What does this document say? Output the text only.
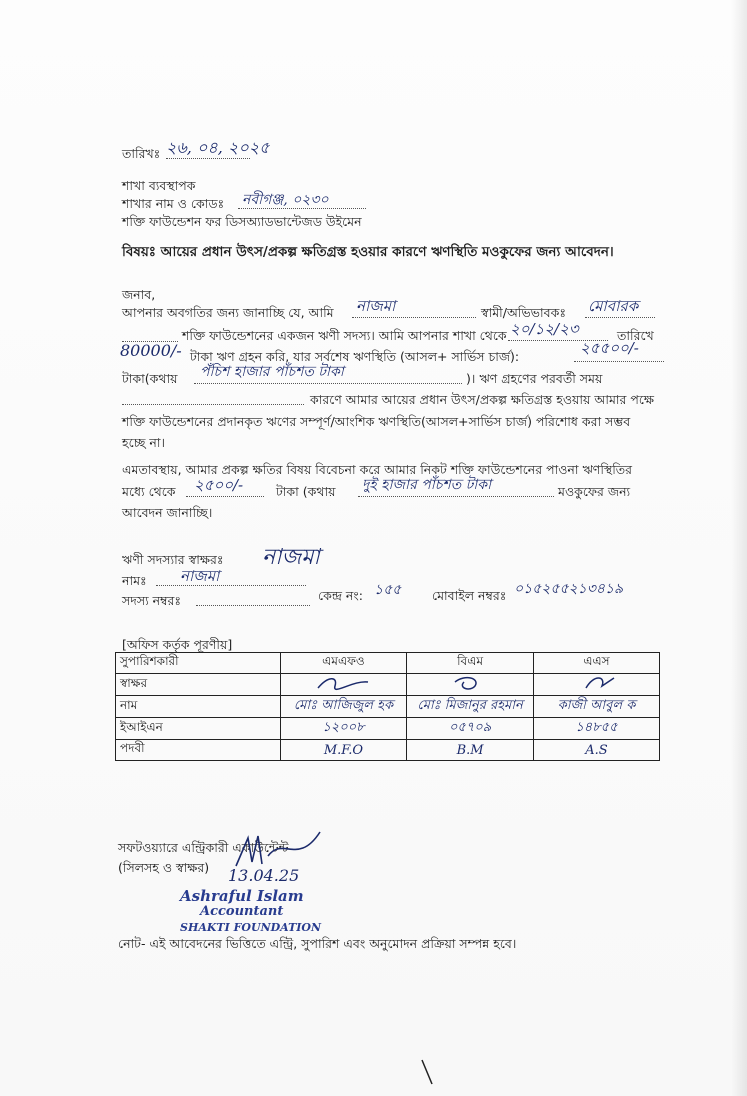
তারিখঃ ২৬, ০৪, ২০২৫
শাখা ব্যবস্থাপক
শাখার নাম ও কোডঃ নবীগঞ্জ, ০২৩০
শক্তি ফাউন্ডেশন ফর ডিসঅ্যাডভান্টেজড উইমেন
বিষয়ঃ আয়ের প্রধান উৎস/প্রকল্প ক্ষতিগ্রস্ত হওয়ার কারণে ঋণস্থিতি মওকুফের জন্য আবেদন।
জনাব,
আপনার অবগতির জন্য জানাচ্ছি যে, আমি নাজমা	স্বামী/অভিভাবকঃ মোবারক
শক্তি ফাউন্ডেশনের একজন ঋণী সদস্য। আমি আপনার শাখা থেকে ২০/১২/২৩	তারিখে
80000/- টাকা ঋণ গ্রহন করি, যার সর্বশেষ ঋণস্থিতি (আসল+ সার্ভিস চার্জ):	২৫৫০০/-
টাকা(কথায় পঁচিশ হাজার পাঁচশত টাকা	)। ঋণ গ্রহণের পরবর্তী সময়
কারণে আমার আয়ের প্রধান উৎস/প্রকল্প ক্ষতিগ্রস্ত হওয়ায় আমার পক্ষে
শক্তি ফাউন্ডেশনের প্রদানকৃত ঋণের সম্পূর্ণ/আংশিক ঋণস্থিতি(আসল+সার্ভিস চার্জ) পরিশোধ করা সম্ভব
হচ্ছে না।
এমতাবস্থায়, আমার প্রকল্প ক্ষতির বিষয় বিবেচনা করে আমার নিকট শক্তি ফাউন্ডেশনের পাওনা ঋণস্থিতির
মধ্যে থেকে ২৫০০/-	টাকা (কথায় দুই হাজার পাঁচশত টাকা	মওকুফের জন্য
আবেদন জানাচ্ছি।
ঋণী সদস্যার স্বাক্ষরঃ নাজমা
নামঃ নাজমা
সদস্য নম্বরঃ	কেন্দ্র নং: ১৫৫ মোবাইল নম্বরঃ ০১৫২৫৫২১৩৪১৯
[অফিস কর্তৃক পূরণীয়]
সুপারিশকারী	এমএফও	বিএম	এএস
স্বাক্ষর			
নাম	মোঃ আজিজুল হক	মোঃ মিজানুর রহমান	কাজী আবুল ক
ইআইএন	১২০০৮	০৫৭০৯	১৪৮৫৫
পদবী	M.F.O	B.M	A.S
সফটওয়্যারে এন্ট্রিকারী একাউন্টেন্ট
(সিলসহ ও স্বাক্ষর) 13.04.25
Ashraful Islam
Accountant
SHAKTI FOUNDATION
নোট- এই আবেদনের ভিত্তিতে এন্ট্রি, সুপারিশ এবং অনুমোদন প্রক্রিয়া সম্পন্ন হবে।
